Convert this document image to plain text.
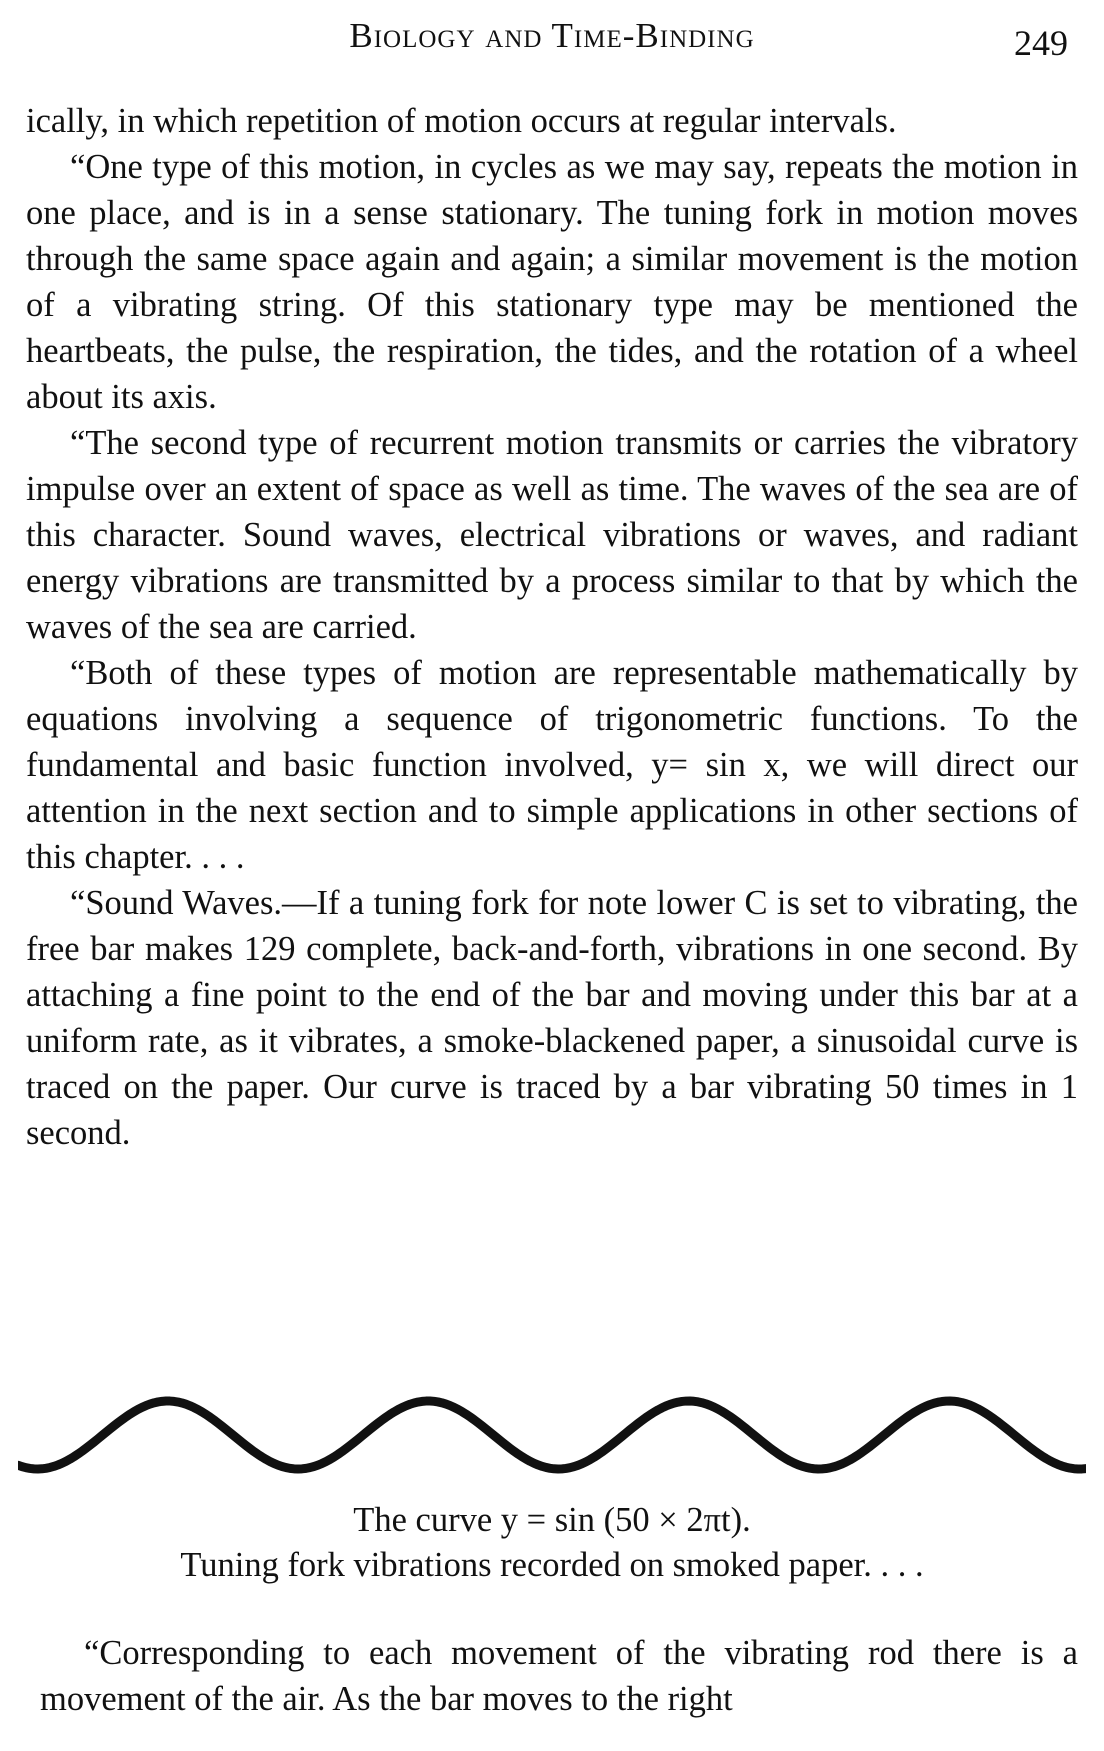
Biology and Time-Binding	249

ically, in which repetition of motion occurs at regular intervals.

“One type of this motion, in cycles as we may say, repeats the motion in one place, and is in a sense stationary. The tuning fork in motion moves through the same space again and again; a similar movement is the motion of a vibrating string. Of this stationary type may be mentioned the heartbeats, the pulse, the respiration, the tides, and the rotation of a wheel about its axis.

“The second type of recurrent motion transmits or carries the vibratory impulse over an extent of space as well as time. The waves of the sea are of this character. Sound waves, electrical vibrations or waves, and radiant energy vibrations are transmitted by a process similar to that by which the waves of the sea are carried.

“Both of these types of motion are representable mathematically by equations involving a sequence of trigonometric functions. To the fundamental and basic function involved, y= sin x, we will direct our attention in the next section and to simple applications in other sections of this chapter. . . .

“Sound Waves.—If a tuning fork for note lower C is set to vibrating, the free bar makes 129 complete, back-and-forth, vibrations in one second. By attaching a fine point to the end of the bar and moving under this bar at a uniform rate, as it vibrates, a smoke-blackened paper, a sinusoidal curve is traced on the paper. Our curve is traced by a bar vibrating 50 times in 1 second.

The curve y = sin (50 × 2πt).
Tuning fork vibrations recorded on smoked paper. . . .

“Corresponding to each movement of the vibrating rod there is a movement of the air. As the bar moves to the right
